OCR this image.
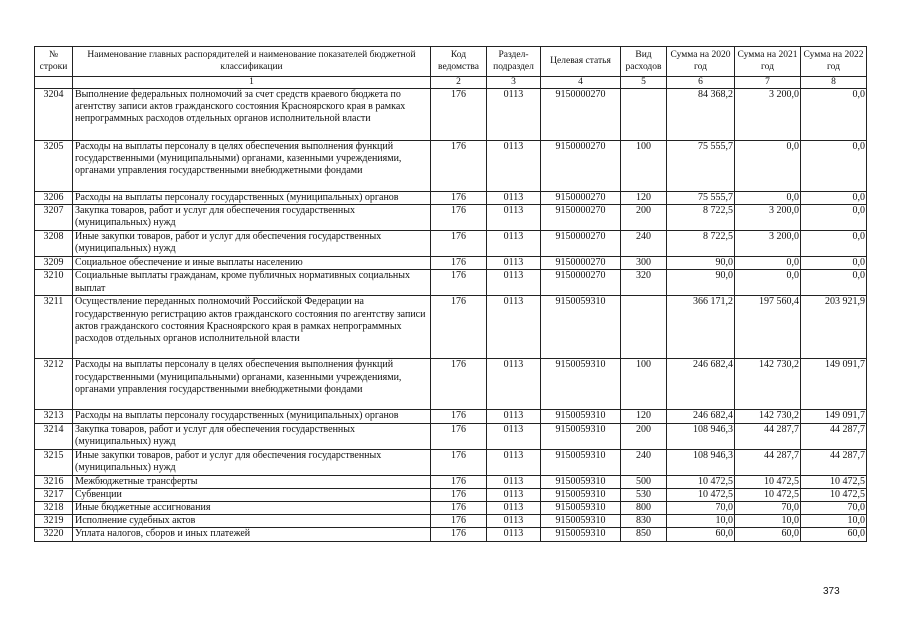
№ строки	Наименование главных распорядителей и наименование показателей бюджетной классификации	Код ведомства	Раздел-подраздел	Целевая статья	Вид расходов	Сумма на 2020 год	Сумма на 2021 год	Сумма на 2022 год
	1	2	3	4	5	6	7	8
3204	Выполнение федеральных полномочий за счет средств краевого бюджета по агентству записи актов гражданского состояния Красноярского края в рамках непрограммных расходов отдельных органов исполнительной власти	176	0113	9150000270		84 368,2	3 200,0	0,0
3205	Расходы на выплаты персоналу в целях обеспечения выполнения функций государственными (муниципальными) органами, казенными учреждениями, органами управления государственными внебюджетными фондами	176	0113	9150000270	100	75 555,7	0,0	0,0
3206	Расходы на выплаты персоналу государственных (муниципальных) органов	176	0113	9150000270	120	75 555,7	0,0	0,0
3207	Закупка товаров, работ и услуг для обеспечения государственных (муниципальных) нужд	176	0113	9150000270	200	8 722,5	3 200,0	0,0
3208	Иные закупки товаров, работ и услуг для обеспечения государственных (муниципальных) нужд	176	0113	9150000270	240	8 722,5	3 200,0	0,0
3209	Социальное обеспечение и иные выплаты населению	176	0113	9150000270	300	90,0	0,0	0,0
3210	Социальные выплаты гражданам, кроме публичных нормативных социальных выплат	176	0113	9150000270	320	90,0	0,0	0,0
3211	Осуществление переданных полномочий Российской Федерации на государственную регистрацию актов гражданского состояния по агентству записи актов гражданского состояния Красноярского края в рамках непрограммных расходов отдельных органов исполнительной власти	176	0113	9150059310		366 171,2	197 560,4	203 921,9
3212	Расходы на выплаты персоналу в целях обеспечения выполнения функций государственными (муниципальными) органами, казенными учреждениями, органами управления государственными внебюджетными фондами	176	0113	9150059310	100	246 682,4	142 730,2	149 091,7
3213	Расходы на выплаты персоналу государственных (муниципальных) органов	176	0113	9150059310	120	246 682,4	142 730,2	149 091,7
3214	Закупка товаров, работ и услуг для обеспечения государственных (муниципальных) нужд	176	0113	9150059310	200	108 946,3	44 287,7	44 287,7
3215	Иные закупки товаров, работ и услуг для обеспечения государственных (муниципальных) нужд	176	0113	9150059310	240	108 946,3	44 287,7	44 287,7
3216	Межбюджетные трансферты	176	0113	9150059310	500	10 472,5	10 472,5	10 472,5
3217	Субвенции	176	0113	9150059310	530	10 472,5	10 472,5	10 472,5
3218	Иные бюджетные ассигнования	176	0113	9150059310	800	70,0	70,0	70,0
3219	Исполнение судебных актов	176	0113	9150059310	830	10,0	10,0	10,0
3220	Уплата налогов, сборов и иных платежей	176	0113	9150059310	850	60,0	60,0	60,0
373
